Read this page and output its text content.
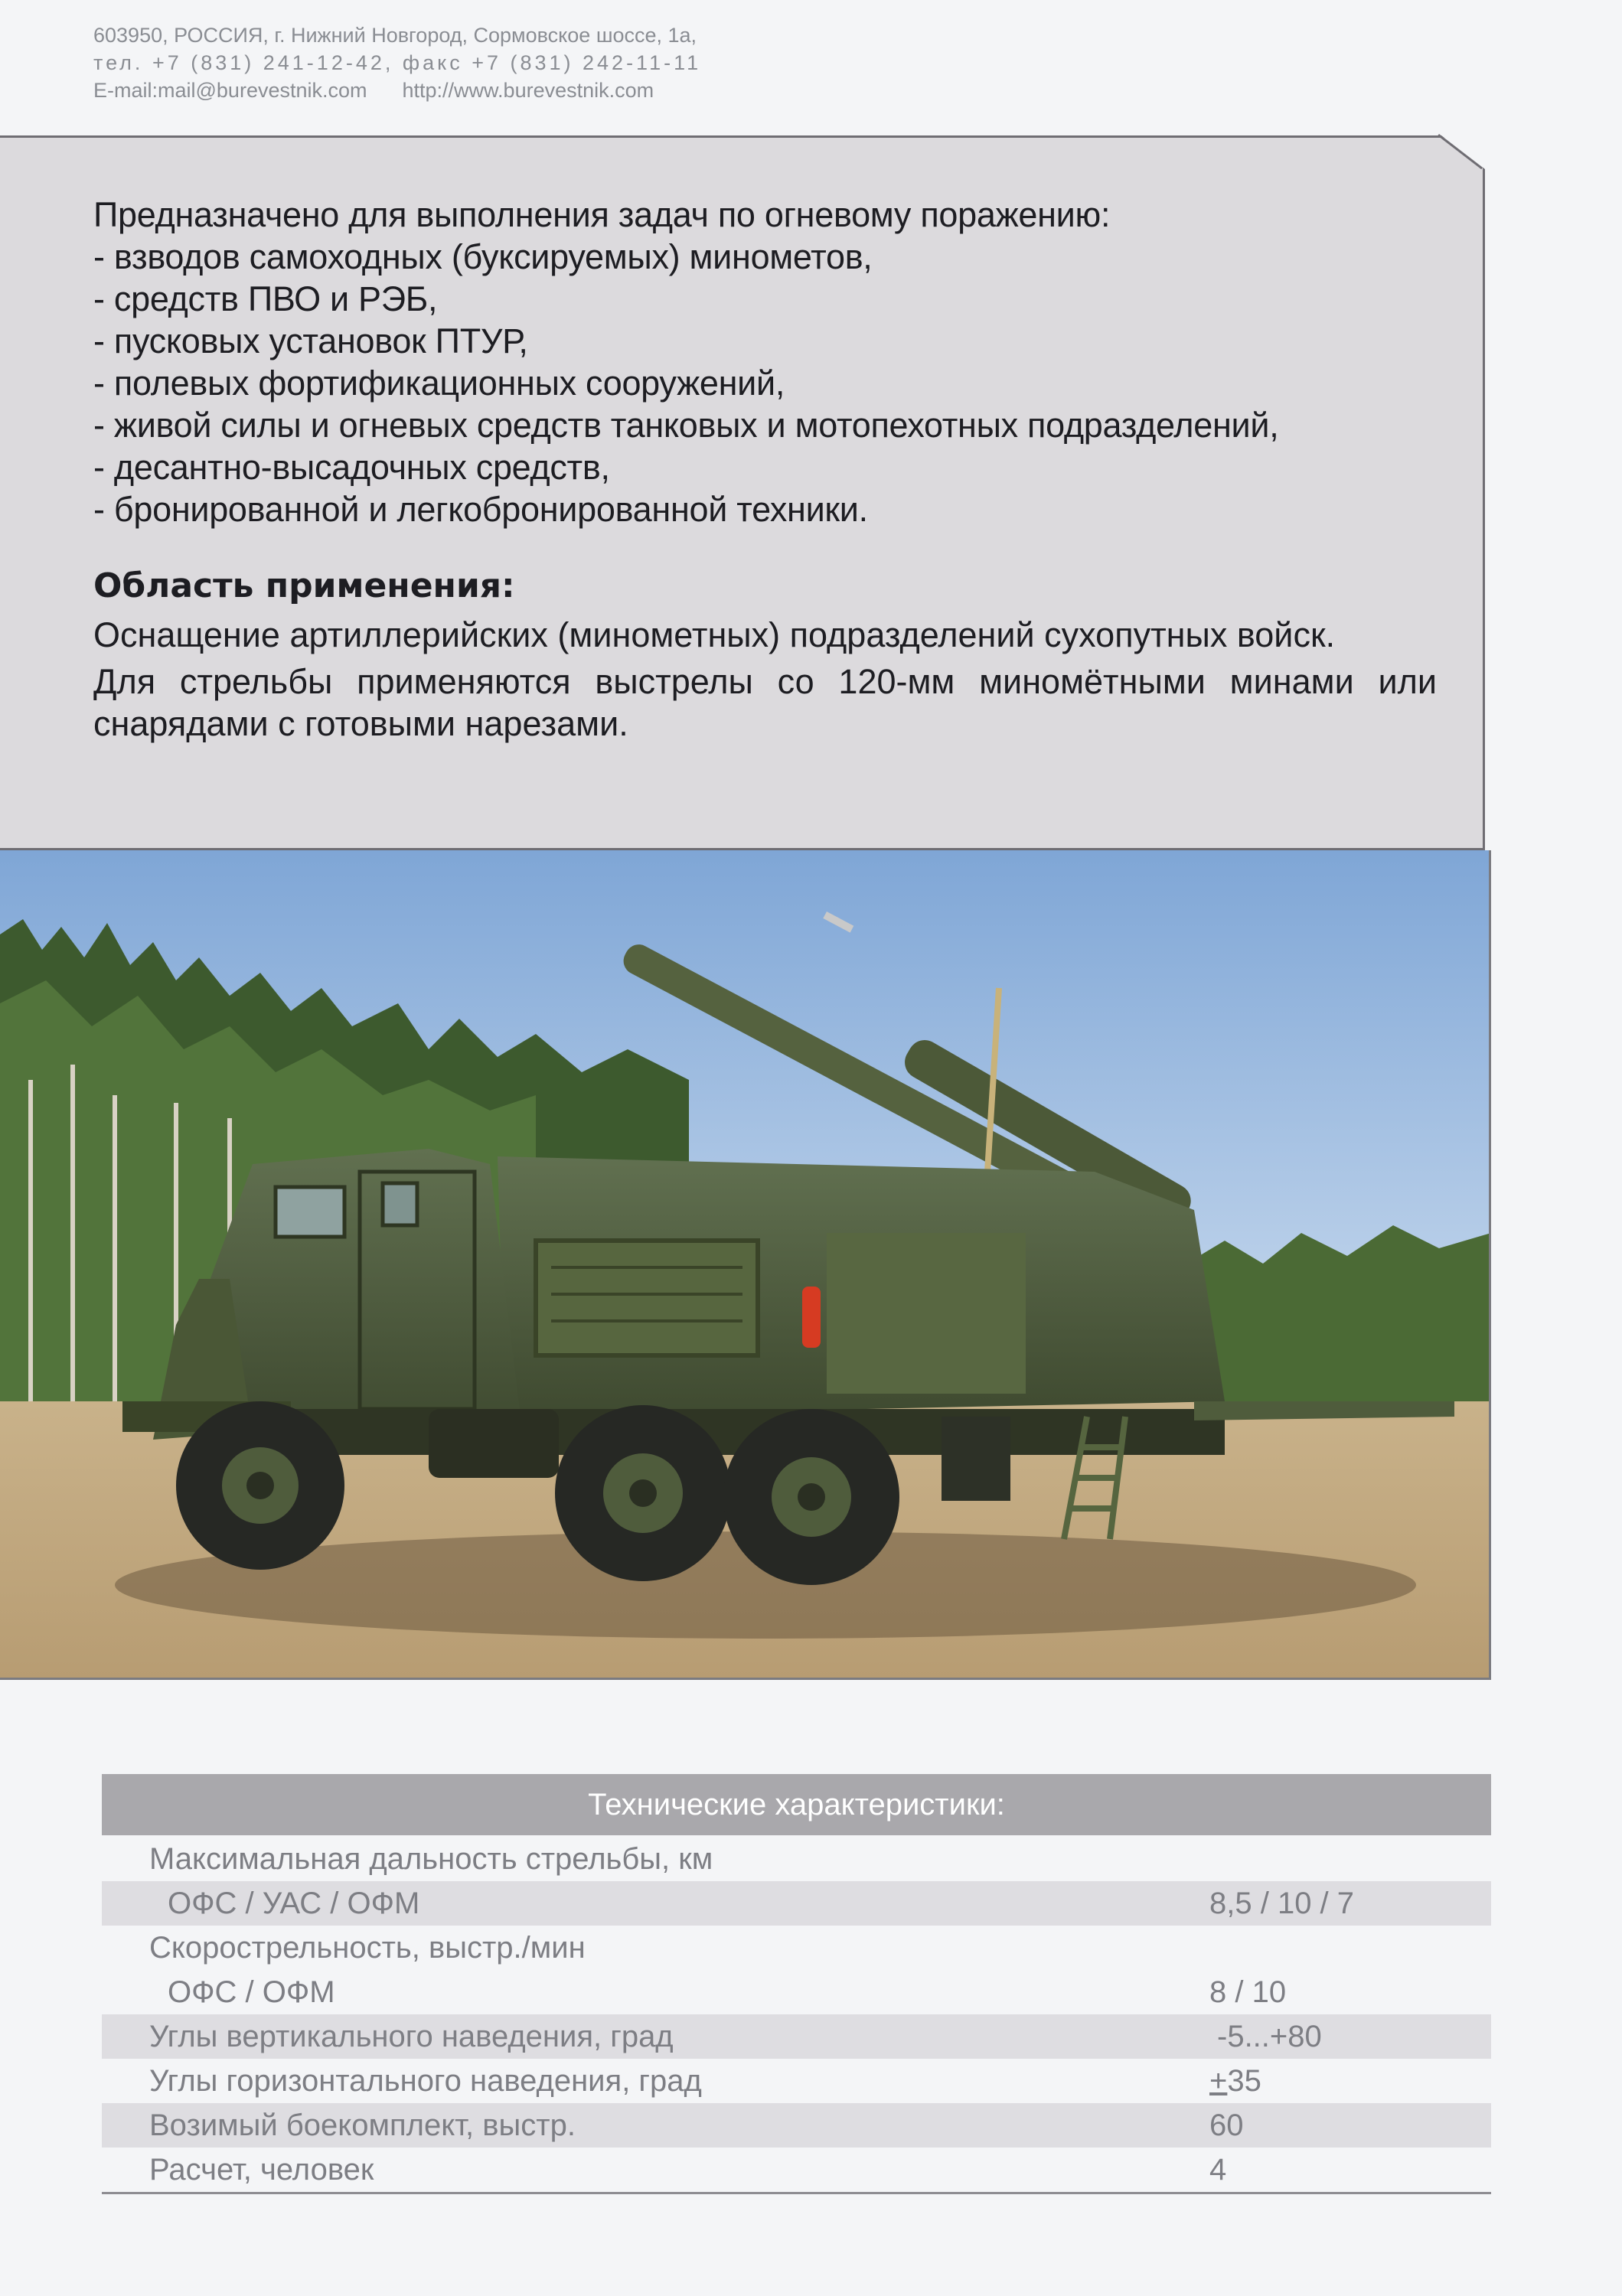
603950, РОССИЯ, г. Нижний Новгород, Сормовское шоссе, 1а,
тел. +7 (831) 241-12-42, факс +7 (831) 242-11-11
E-mail:mail@burevestnik.com http://www.burevestnik.com
Предназначено для выполнения задач по огневому поражению:
- взводов самоходных (буксируемых) минометов,
- средств ПВО и РЭБ,
- пусковых установок ПТУР,
- полевых фортификационных сооружений,
- живой силы и огневых средств танковых и мотопехотных подразделений,
- десантно-высадочных средств,
- бронированной и легкобронированной техники.
Область применения:
Оснащение артиллерийских (минометных) подразделений сухопутных войск.
Для стрельбы применяются выстрелы со 120-мм минoмётными минами или снарядами с готовыми нарезами.
Технические характеристики:
Максимальная дальность стрельбы, км
ОФС / УАС / ОФМ	8,5 / 10 / 7
Скорострельность, выстр./мин
ОФС / ОФМ	8 / 10
Углы вертикального наведения, град	-5...+80
Углы горизонтального наведения, град	+35
Возимый боекомплект, выстр.	60
Расчет, человек	4
